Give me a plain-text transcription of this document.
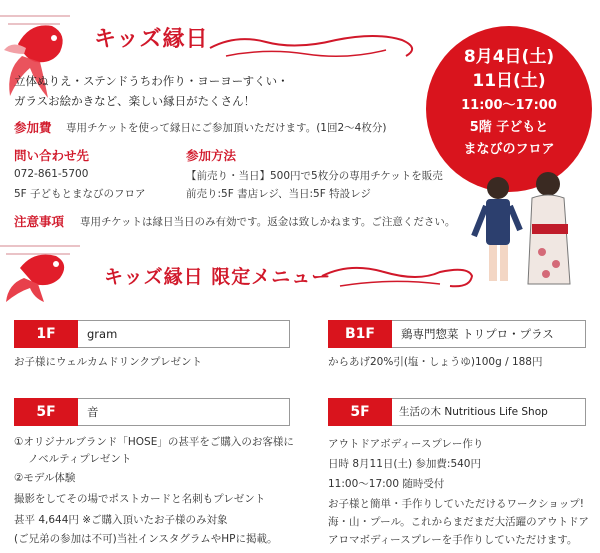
キッズ縁日
立体ぬりえ・ステンドうちわ作り・ヨーヨーすくい・
ガラスお絵かきなど、楽しい縁日がたくさん！
参加費 専用チケットを使って縁日にご参加頂いただけます。(1回2～4枚分)
問い合わせ先
072-861-5700
5F 子どもとまなびのフロア
参加方法
【前売り・当日】500円で5枚分の専用チケットを販売
前売り:5F 書店レジ、当日:5F 特設レジ
注意事項 専用チケットは縁日当日のみ有効です。返金は致しかねます。ご注意ください。
8月4日(土)
11日(土)
11:00～17:00
5階 子どもと
まなびのフロア
キッズ縁日 限定メニュー
1F	gram
お子様にウェルカムドリンクプレゼント
B1F	鶏専門惣菜 トリプロ・プラス
からあげ20%引(塩・しょうゆ)100g / 188円
5F	音
①オリジナルブランド「HOSE」の甚平をご購入のお客様に
ノベルティプレゼント
②モデル体験
撮影をしてその場でポストカードと名刺もプレゼント
甚平 4,644円 ※ご購入頂いたお子様のみ対象
(ご兄弟の参加は不可)当社インスタグラムやHPに掲載。
5F	生活の木 Nutritious Life Shop
アウトドアボディースプレー作り
日時 8月11日(土) 参加費:540円
11:00～17:00 随時受付
お子様と簡単・手作りしていただけるワークショップ!
海・山・プール。これからまだまだ大活躍のアウトドア
アロマボディースプレーを手作りしていただけます。
